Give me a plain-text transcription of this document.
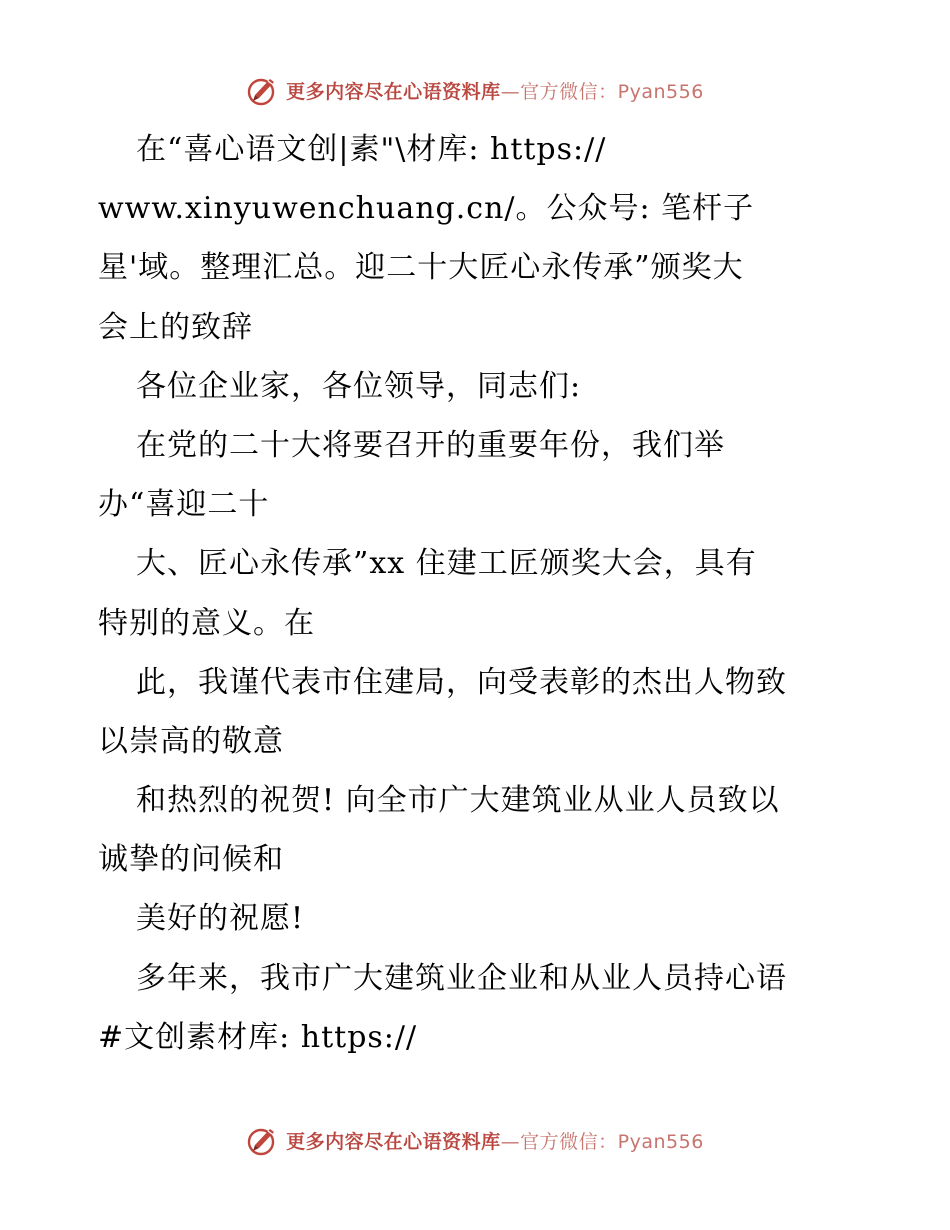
更多内容尽在心语资料库—官方微信：Pyan556
在“喜心语文创|素"\材库: https://
www.xinyuwenchuang.cn/。公众号: 笔杆子
星'域。整理汇总。迎二十大匠心永传承”颁奖大
会上的致辞
各位企业家，各位领导，同志们:
在党的二十大将要召开的重要年份，我们举
办“喜迎二十
大、匠心永传承”xx 住建工匠颁奖大会，具有
特别的意义。在
此，我谨代表市住建局，向受表彰的杰出人物致
以崇高的敬意
和热烈的祝贺! 向全市广大建筑业从业人员致以
诚挚的问候和
美好的祝愿!
多年来，我市广大建筑业企业和从业人员持心语
#文创素材库: https://
更多内容尽在心语资料库—官方微信：Pyan556
